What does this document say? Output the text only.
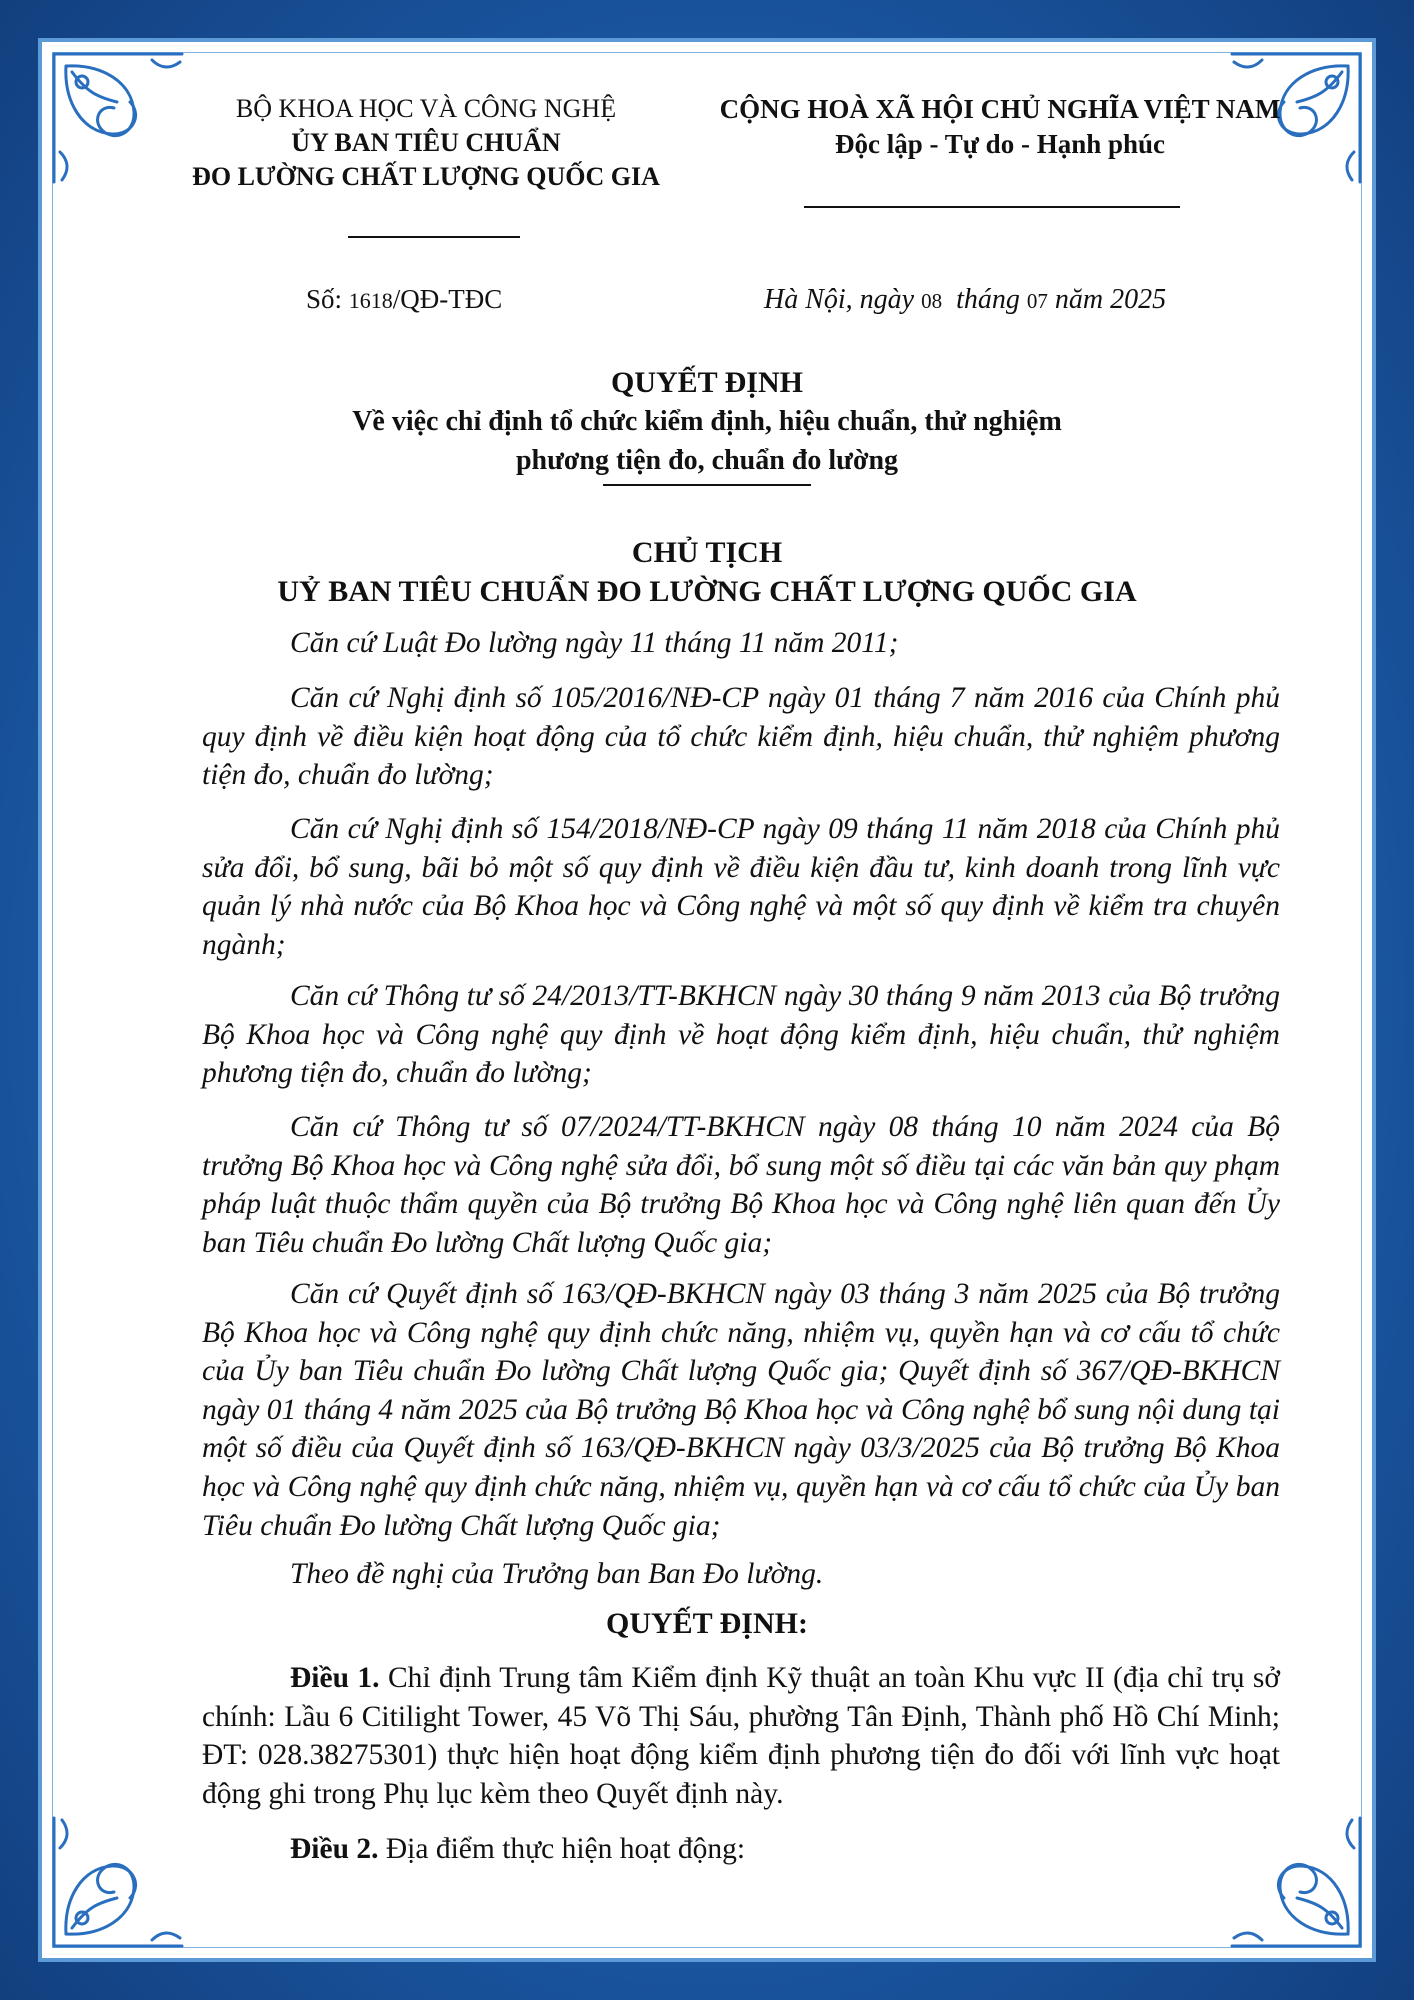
BỘ KHOA HỌC VÀ CÔNG NGHỆ
ỦY BAN TIÊU CHUẨN
ĐO LƯỜNG CHẤT LƯỢNG QUỐC GIA
CỘNG HOÀ XÃ HỘI CHỦ NGHĨA VIỆT NAM
Độc lập - Tự do - Hạnh phúc
Số: 1618/QĐ-TĐC	Hà Nội, ngày 08 tháng 07 năm 2025
QUYẾT ĐỊNH
Về việc chỉ định tổ chức kiểm định, hiệu chuẩn, thử nghiệm
phương tiện đo, chuẩn đo lường
CHỦ TỊCH
UỶ BAN TIÊU CHUẨN ĐO LƯỜNG CHẤT LƯỢNG QUỐC GIA

Căn cứ Luật Đo lường ngày 11 tháng 11 năm 2011;

Căn cứ Nghị định số 105/2016/NĐ-CP ngày 01 tháng 7 năm 2016 của Chính phủ quy định về điều kiện hoạt động của tổ chức kiểm định, hiệu chuẩn, thử nghiệm phương tiện đo, chuẩn đo lường;

Căn cứ Nghị định số 154/2018/NĐ-CP ngày 09 tháng 11 năm 2018 của Chính phủ sửa đổi, bổ sung, bãi bỏ một số quy định về điều kiện đầu tư, kinh doanh trong lĩnh vực quản lý nhà nước của Bộ Khoa học và Công nghệ và một số quy định về kiểm tra chuyên ngành;

Căn cứ Thông tư số 24/2013/TT-BKHCN ngày 30 tháng 9 năm 2013 của Bộ trưởng Bộ Khoa học và Công nghệ quy định về hoạt động kiểm định, hiệu chuẩn, thử nghiệm phương tiện đo, chuẩn đo lường;

Căn cứ Thông tư số 07/2024/TT-BKHCN ngày 08 tháng 10 năm 2024 của Bộ trưởng Bộ Khoa học và Công nghệ sửa đổi, bổ sung một số điều tại các văn bản quy phạm pháp luật thuộc thẩm quyền của Bộ trưởng Bộ Khoa học và Công nghệ liên quan đến Ủy ban Tiêu chuẩn Đo lường Chất lượng Quốc gia;

Căn cứ Quyết định số 163/QĐ-BKHCN ngày 03 tháng 3 năm 2025 của Bộ trưởng Bộ Khoa học và Công nghệ quy định chức năng, nhiệm vụ, quyền hạn và cơ cấu tổ chức của Ủy ban Tiêu chuẩn Đo lường Chất lượng Quốc gia; Quyết định số 367/QĐ-BKHCN ngày 01 tháng 4 năm 2025 của Bộ trưởng Bộ Khoa học và Công nghệ bổ sung nội dung tại một số điều của Quyết định số 163/QĐ-BKHCN ngày 03/3/2025 của Bộ trưởng Bộ Khoa học và Công nghệ quy định chức năng, nhiệm vụ, quyền hạn và cơ cấu tổ chức của Ủy ban Tiêu chuẩn Đo lường Chất lượng Quốc gia;

Theo đề nghị của Trưởng ban Ban Đo lường.

QUYẾT ĐỊNH:

Điều 1. Chỉ định Trung tâm Kiểm định Kỹ thuật an toàn Khu vực II (địa chỉ trụ sở chính: Lầu 6 Citilight Tower, 45 Võ Thị Sáu, phường Tân Định, Thành phố Hồ Chí Minh; ĐT: 028.38275301) thực hiện hoạt động kiểm định phương tiện đo đối với lĩnh vực hoạt động ghi trong Phụ lục kèm theo Quyết định này.

Điều 2. Địa điểm thực hiện hoạt động:
